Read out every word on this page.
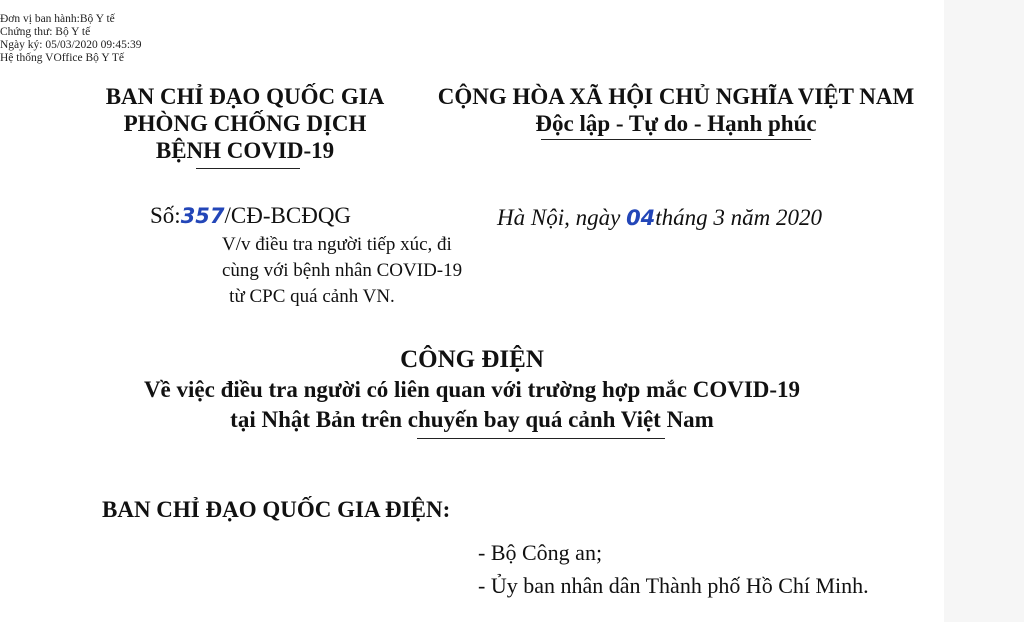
Đơn vị ban hành:Bộ Y tế
Chứng thư: Bộ Y tế
Ngày ký: 05/03/2020 09:45:39
Hệ thống VOffice Bộ Y Tế
BAN CHỈ ĐẠO QUỐC GIA
PHÒNG CHỐNG DỊCH
BỆNH COVID-19
CỘNG HÒA XÃ HỘI CHỦ NGHĨA VIỆT NAM
Độc lập - Tự do - Hạnh phúc
Số:357/CĐ-BCĐQG
V/v điều tra người tiếp xúc, đi
cùng với bệnh nhân COVID-19
từ CPC quá cảnh VN.
Hà Nội, ngày 04tháng 3 năm 2020
CÔNG ĐIỆN
Về việc điều tra người có liên quan với trường hợp mắc COVID-19
tại Nhật Bản trên chuyến bay quá cảnh Việt Nam
BAN CHỈ ĐẠO QUỐC GIA ĐIỆN:
- Bộ Công an;
- Ủy ban nhân dân Thành phố Hồ Chí Minh.
